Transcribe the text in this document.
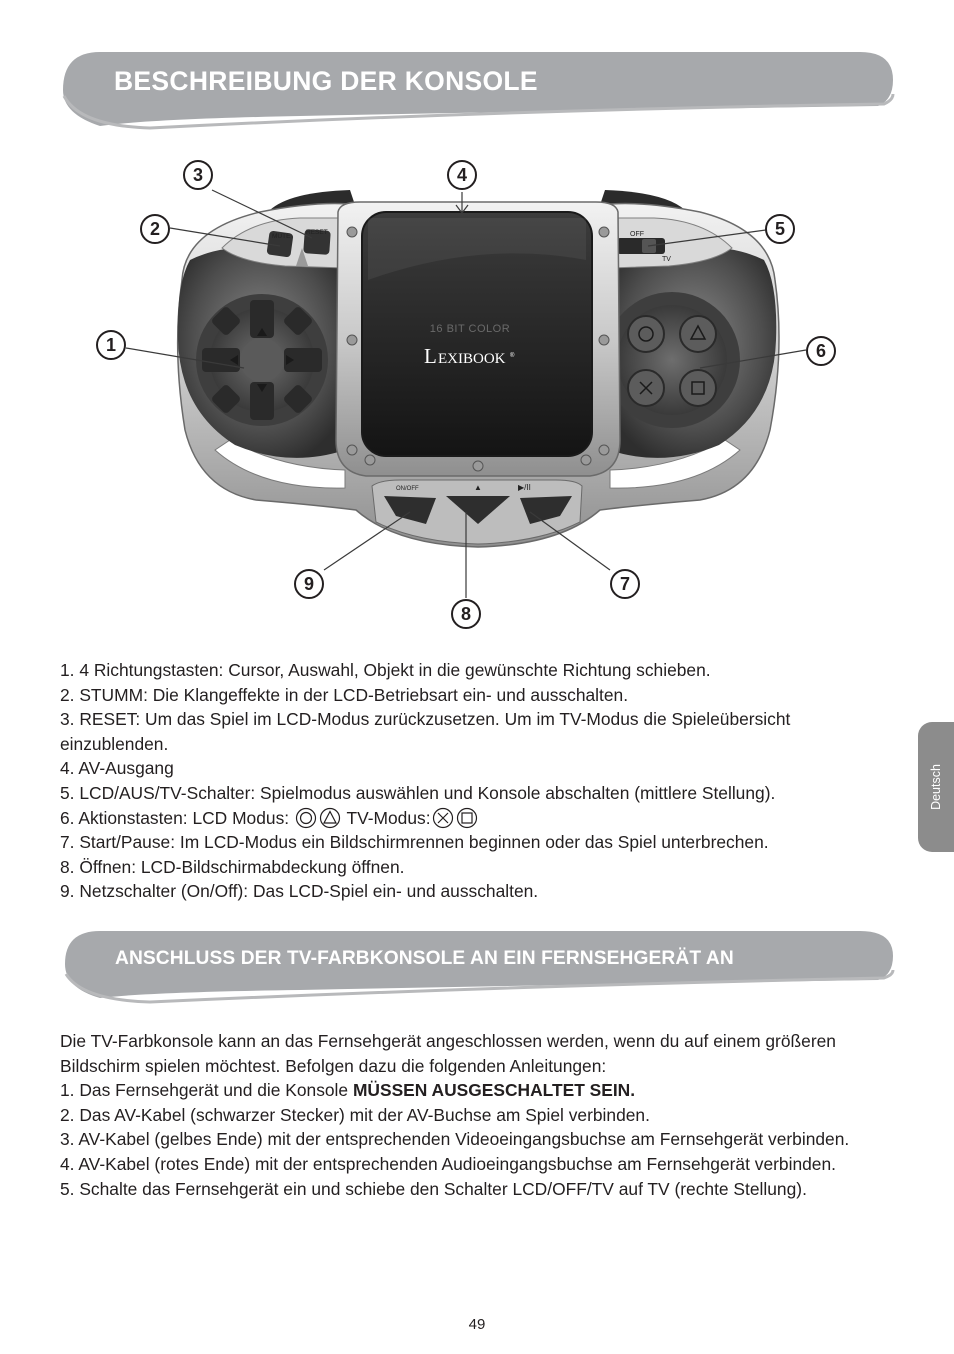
BESCHREIBUNG DER KONSOLE
MUTE
RESET	OFF
TV
16 BIT COLOR
L EXIBOOK ®
ON/OFF	▲	▶/II
1
2
3	4
5
6
7
8
9

1. 4 Richtungstasten: Cursor, Auswahl, Objekt in die gewünschte Richtung schieben.

2. STUMM: Die Klangeffekte in der LCD-Betriebsart ein- und ausschalten.

3. RESET: Um das Spiel im LCD-Modus zurückzusetzen. Um im TV-Modus die Spieleübersicht einzublenden.

4. AV-Ausgang

5. LCD/AUS/TV-Schalter: Spielmodus auswählen und Konsole abschalten (mittlere Stellung).

6. Aktionstasten: LCD Modus:	TV-Modus:

7. Start/Pause: Im LCD-Modus ein Bildschirmrennen beginnen oder das Spiel unterbrechen.

8. Öffnen: LCD-Bildschirmabdeckung öffnen.

9. Netzschalter (On/Off): Das LCD-Spiel ein- und ausschalten.

ANSCHLUSS DER TV-FARBKONSOLE AN EIN FERNSEHGERÄT AN

Die TV-Farbkonsole kann an das Fernsehgerät angeschlossen werden, wenn du auf einem größeren Bildschirm spielen möchtest. Befolgen dazu die folgenden Anleitungen:

1. Das Fernsehgerät und die Konsole MÜSSEN AUSGESCHALTET SEIN.

2. Das AV-Kabel (schwarzer Stecker) mit der AV-Buchse am Spiel verbinden.

3. AV-Kabel (gelbes Ende) mit der entsprechenden Videoeingangsbuchse am Fernsehgerät verbinden.

4. AV-Kabel (rotes Ende) mit der entsprechenden Audioeingangsbuchse am Fernsehgerät verbinden.

5. Schalte das Fernsehgerät ein und schiebe den Schalter LCD/OFF/TV auf TV (rechte Stellung).

Deutsch
49
